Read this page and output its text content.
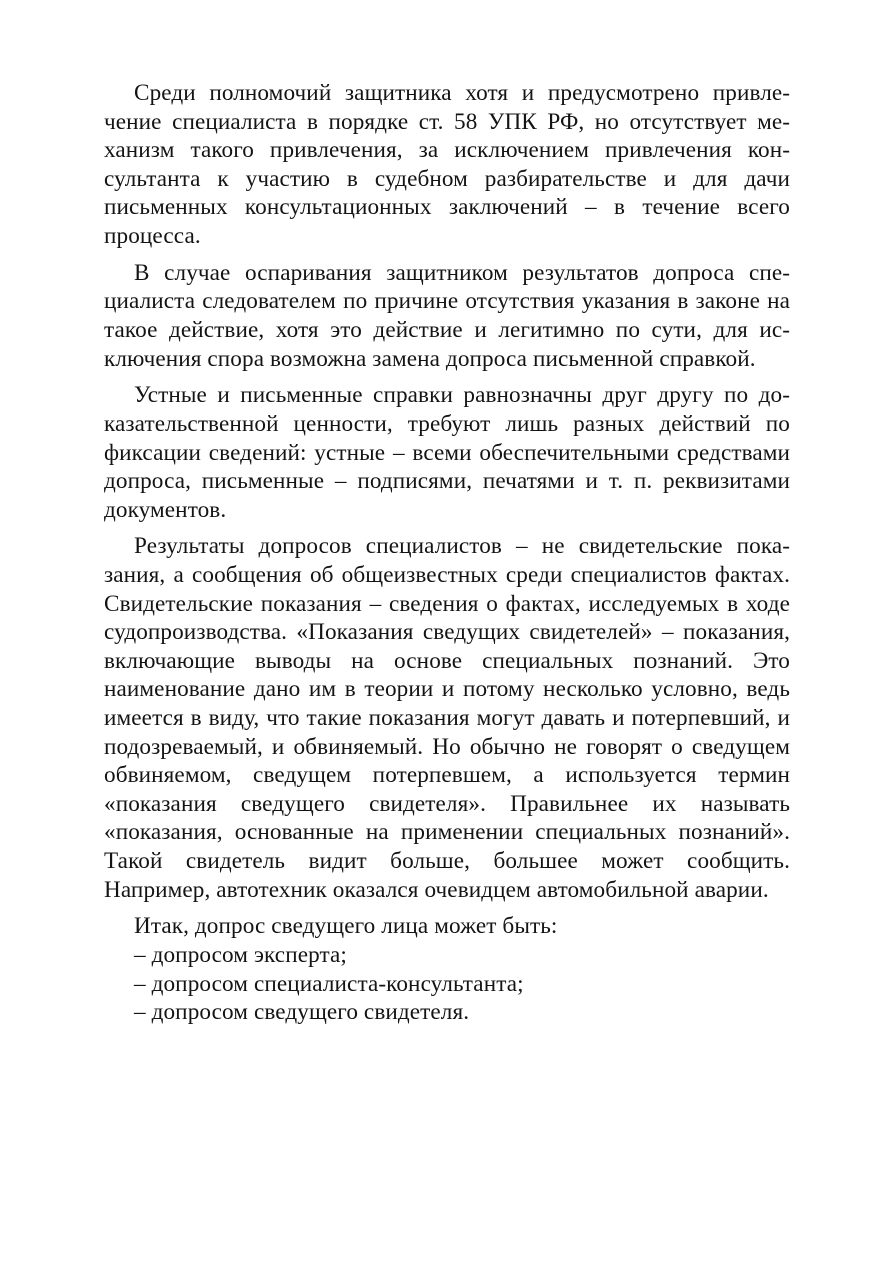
Среди полномочий защитника хотя и предусмотрено привлечение специалиста в порядке ст. 58 УПК РФ, но отсутствует механизм такого привлечения, за исключением привлечения консультанта к участию в судебном разбирательстве и для дачи письменных консультационных заключений – в течение всего процесса.

В случае оспаривания защитником результатов допроса специалиста следователем по причине отсутствия указания в законе на такое действие, хотя это действие и легитимно по сути, для исключения спора возможна замена допроса письменной справкой.

Устные и письменные справки равнозначны друг другу по доказательственной ценности, требуют лишь разных действий по фиксации сведений: устные – всеми обеспечительными средствами допроса, письменные – подписями, печатями и т. п. реквизитами документов.

Результаты допросов специалистов – не свидетельские показания, а сообщения об общеизвестных среди специалистов фактах. Свидетельские показания – сведения о фактах, исследуемых в ходе судопроизводства. «Показания сведущих свидетелей» – показания, включающие выводы на основе специальных познаний. Это наименование дано им в теории и потому несколько условно, ведь имеется в виду, что такие показания могут давать и потерпевший, и подозреваемый, и обвиняемый. Но обычно не говорят о сведущем обвиняемом, сведущем потерпевшем, а используется термин «показания сведущего свидетеля». Правильнее их называть «показания, основанные на применении специальных познаний». Такой свидетель видит больше, большее может сообщить. Например, автотехник оказался очевидцем автомобильной аварии.

Итак, допрос сведущего лица может быть:

– допросом эксперта;
– допросом специалиста-консультанта;
– допросом сведущего свидетеля.
